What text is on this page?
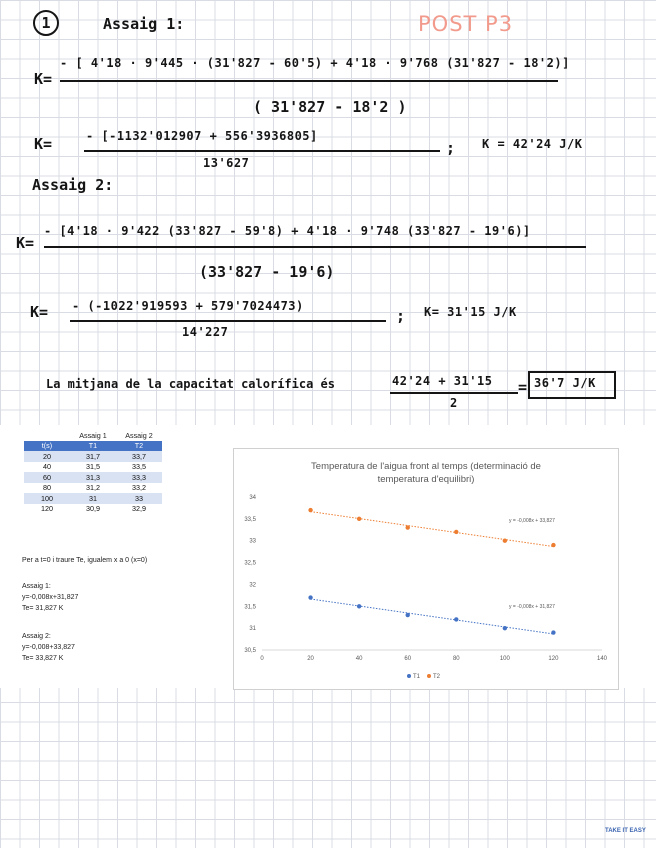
1	Assaig 1:	POST P3
K=
- [ 4'18 · 9'445 · (31'827 - 60'5) + 4'18 · 9'768 (31'827 - 18'2)]
( 31'827 - 18'2 )
K=	- [-1132'012907 + 556'3936805]
13'627
; K = 42'24 J/K
Assaig 2:
K=
- [4'18 · 9'422 (33'827 - 59'8) + 4'18 · 9'748 (33'827 - 19'6)]
(33'827 - 19'6)
K= - (-1022'919593 + 579'7024473)
14'227
; K= 31'15 J/K
La mitjana de la capacitat calorífica és	42'24 + 31'15
2
= 36'7 J/K
	Assaig 1	Assaig 2
t(s)	T1	T2
20	31,7	33,7
40	31,5	33,5
60	31,3	33,3
80	31,2	33,2
100	31	33
120	30,9	32,9
Per a t=0 i traure Te, igualem x a 0 (x=0)
Assaig 1:
y=-0,008x+31,827
Te= 31,827 K
Assaig 2:
y=-0,008+33,827
Te= 33,827 K
Temperatura de l'aigua front al temps (determinació de
temperatura d'equilibri)
30,5
31
31,5
32
32,5
33
33,5
34
0	20	40	60	80	100	120	140
y = -0,008x + 31,827
y = -0,008x + 33,827
T1 T2
TAKE IT EASY
